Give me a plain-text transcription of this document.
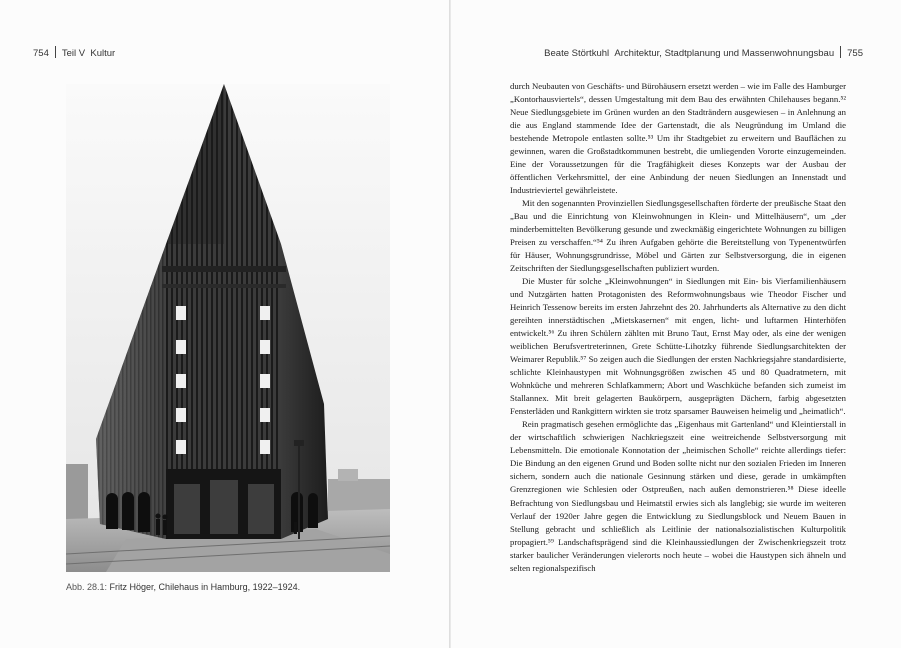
754 Teil V Kultur	Beate Störtkuhl Architektur, Stadtplanung und Massenwohnungsbau 755
Abb. 28.1: Fritz Höger, Chilehaus in Hamburg, 1922–1924.

durch Neubauten von Geschäfts- und Bürohäusern ersetzt werden – wie im Falle des Hamburger „Kontorhausviertels“, dessen Umgestaltung mit dem Bau des erwähnten Chilehauses begann.⁵² Neue Siedlungsgebiete im Grünen wurden an den Stadträndern ausgewiesen – in Anlehnung an die aus England stammende Idee der Gartenstadt, die als Neugründung im Umland die bestehende Metropole entlasten sollte.⁵³ Um ihr Stadtgebiet zu erweitern und Bauflächen zu gewinnen, waren die Großstadtkommunen bestrebt, die umliegenden Vororte einzugemeinden. Eine der Voraussetzungen für die Tragfähigkeit dieses Konzepts war der Ausbau der öffentlichen Verkehrsmittel, der eine Anbindung der neuen Siedlungen an Innenstadt und Industrieviertel gewährleistete.

Mit den sogenannten Provinziellen Siedlungsgesellschaften förderte der preußische Staat den „Bau und die Einrichtung von Kleinwohnungen in Klein- und Mittelhäusern“, um „der minderbemittelten Bevölkerung gesunde und zweckmäßig eingerichtete Wohnungen zu billigen Preisen zu verschaffen.“⁵⁴ Zu ihren Aufgaben gehörte die Bereitstellung von Typenentwürfen für Häuser, Wohnungsgrundrisse, Möbel und Gärten zur Selbstversorgung, die in eigenen Zeitschriften der Siedlungsgesellschaften publiziert wurden.

Die Muster für solche „Kleinwohnungen“ in Siedlungen mit Ein- bis Vierfamilienhäusern und Nutzgärten hatten Protagonisten des Reformwohnungsbaus wie Theodor Fischer und Heinrich Tessenow bereits im ersten Jahrzehnt des 20. Jahrhunderts als Alternative zu den dicht gereihten innerstädtischen „Mietskasernen“ mit engen, licht- und luftarmen Hinterhöfen entwickelt.⁵⁶ Zu ihren Schülern zählten mit Bruno Taut, Ernst May oder, als eine der wenigen weiblichen Berufsvertreterinnen, Grete Schütte-Lihotzky führende Siedlungsarchitekten der Weimarer Republik.⁵⁷ So zeigen auch die Siedlungen der ersten Nachkriegsjahre standardisierte, schlichte Kleinhaustypen mit Wohnungsgrößen zwischen 45 und 80 Quadratmetern, mit Wohnküche und mehreren Schlafkammern; Abort und Waschküche befanden sich zumeist im Stallannex. Mit breit gelagerten Baukörpern, ausgeprägten Dächern, farbig abgesetzten Fensterläden und Rankgittern wirkten sie trotz sparsamer Bauweisen heimelig und „heimatlich“.

Rein pragmatisch gesehen ermöglichte das „Eigenhaus mit Gartenland“ und Kleintierstall in der wirtschaftlich schwierigen Nachkriegszeit eine weitreichende Selbstversorgung mit Lebensmitteln. Die emotionale Konnotation der „heimischen Scholle“ reichte allerdings tiefer: Die Bindung an den eigenen Grund und Boden sollte nicht nur den sozialen Frieden im Inneren sichern, sondern auch die nationale Gesinnung stärken und diese, gerade in umkämpften Grenzregionen wie Schlesien oder Ostpreußen, nach außen demonstrieren.⁵⁸ Diese ideelle Befrachtung von Siedlungsbau und Heimatstil erwies sich als langlebig; sie wurde im weiteren Verlauf der 1920er Jahre gegen die Entwicklung zu Siedlungsblock und Neuem Bauen in Stellung gebracht und schließlich als Leitlinie der nationalsozialistischen Kulturpolitik propagiert.⁵⁹ Landschaftsprägend sind die Kleinhaussiedlungen der Zwischenkriegszeit trotz starker baulicher Veränderungen vielerorts noch heute – wobei die Haustypen sich ähneln und selten regionalspezifisch
